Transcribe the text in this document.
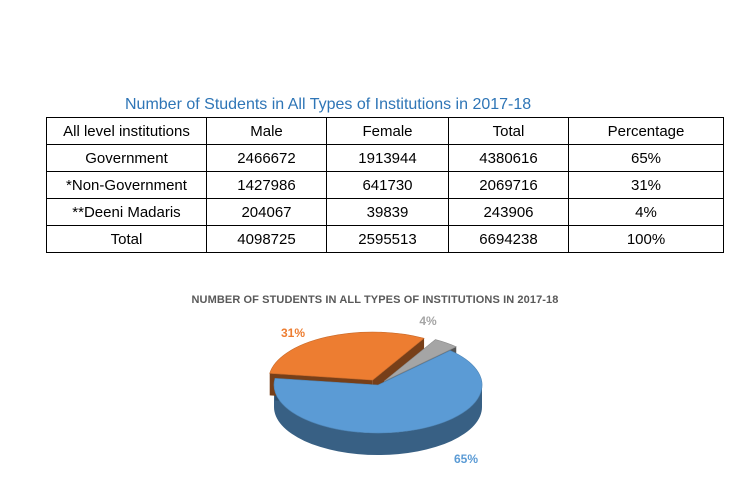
Number of Students in All Types of Institutions in 2017-18
All level institutions	Male	Female	Total	Percentage
Government	2466672	1913944	4380616	65%
*Non-Government	1427986	641730	2069716	31%
**Deeni Madaris	204067	39839	243906	4%
Total	4098725	2595513	6694238	100%
NUMBER OF STUDENTS IN ALL TYPES OF INSTITUTIONS IN 2017-18
65%
31%
4%
